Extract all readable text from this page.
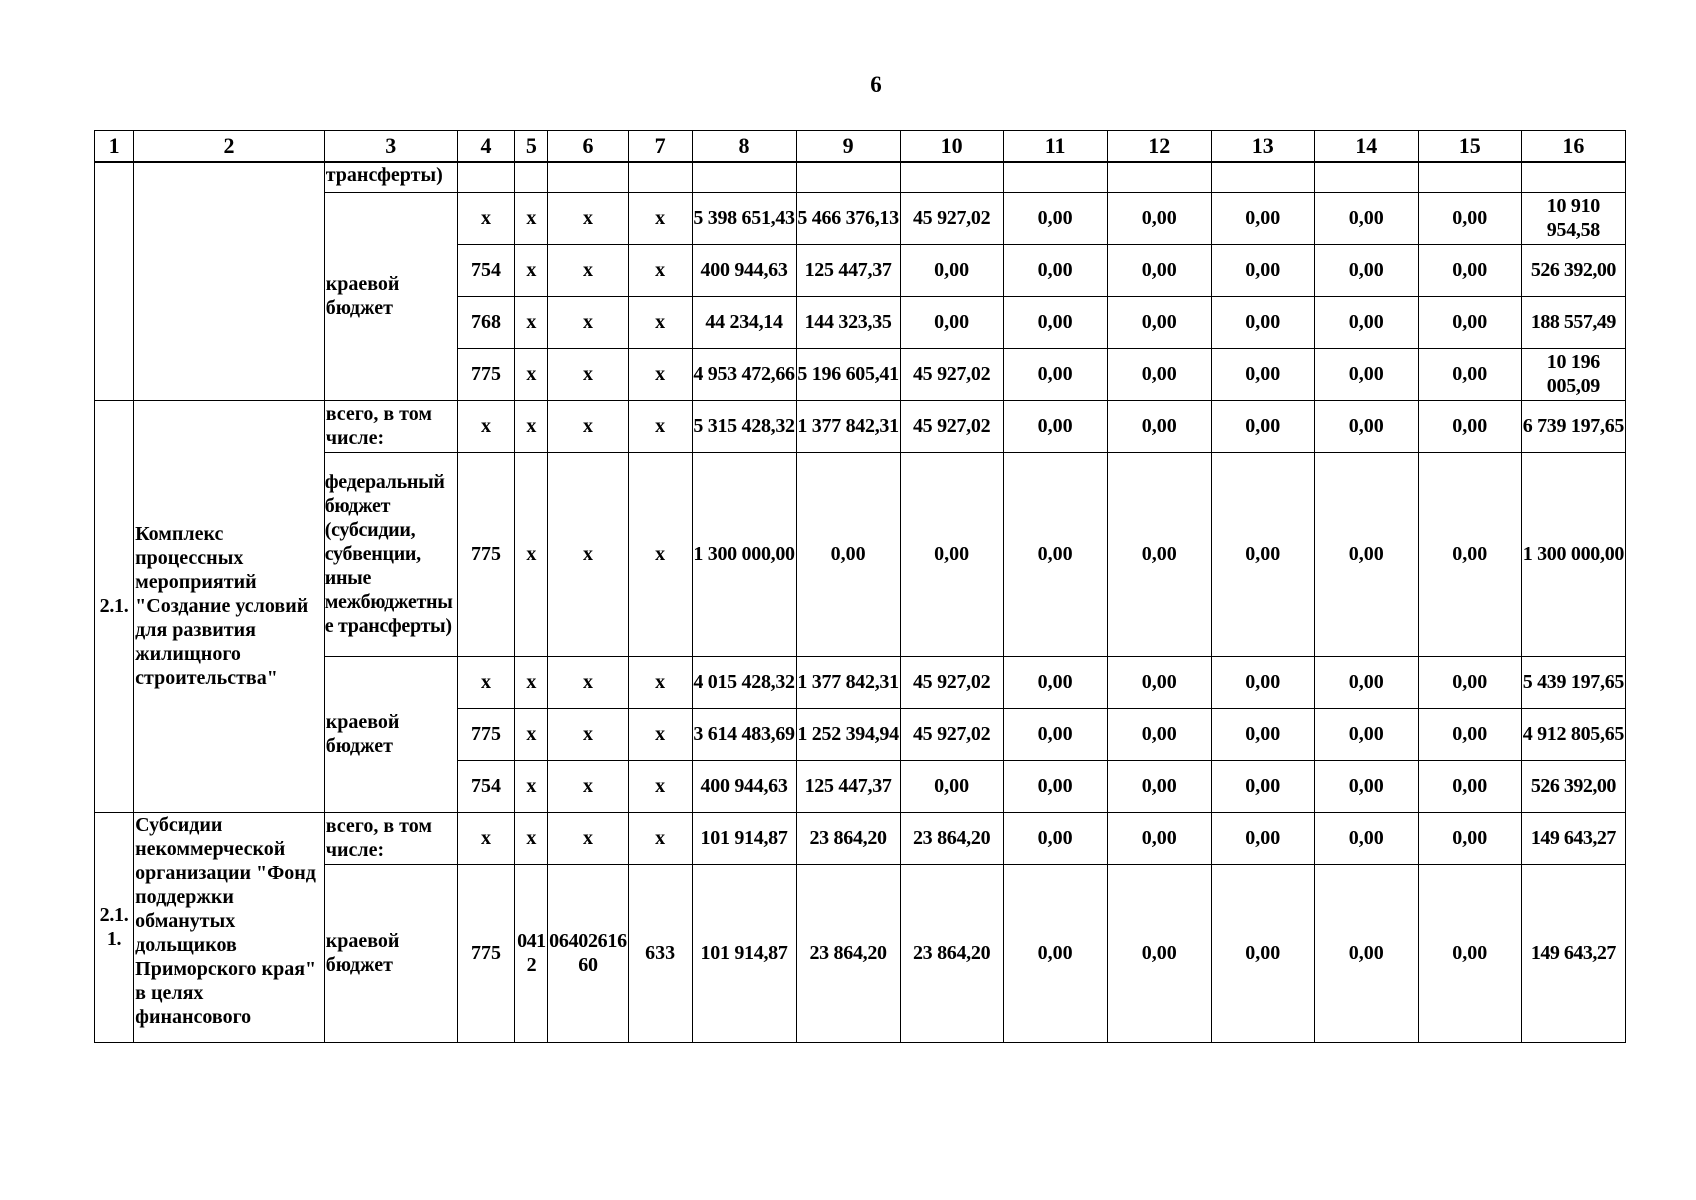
6
1	2	3	4	5	6	7	8	9	10	11	12	13	14	15	16
		трансферты)													
		краевой бюджет	x	x	x	x	5 398 651,43	5 466 376,13	45 927,02	0,00	0,00	0,00	0,00	0,00	10 910 954,58
			754	x	x	x	400 944,63	125 447,37	0,00	0,00	0,00	0,00	0,00	0,00	526 392,00
			768	x	x	x	44 234,14	144 323,35	0,00	0,00	0,00	0,00	0,00	0,00	188 557,49
			775	x	x	x	4 953 472,66	5 196 605,41	45 927,02	0,00	0,00	0,00	0,00	0,00	10 196 005,09
2.1.	Комплекс процессных мероприятий "Создание условий для развития жилищного строительства"	всего, в том числе:	x	x	x	x	5 315 428,32	1 377 842,31	45 927,02	0,00	0,00	0,00	0,00	0,00	6 739 197,65
		федеральный бюджет (субсидии, субвенции, иные межбюджетные трансферты)	775	x	x	x	1 300 000,00	0,00	0,00	0,00	0,00	0,00	0,00	0,00	1 300 000,00
		краевой бюджет	x	x	x	x	4 015 428,32	1 377 842,31	45 927,02	0,00	0,00	0,00	0,00	0,00	5 439 197,65
			775	x	x	x	3 614 483,69	1 252 394,94	45 927,02	0,00	0,00	0,00	0,00	0,00	4 912 805,65
			754	x	x	x	400 944,63	125 447,37	0,00	0,00	0,00	0,00	0,00	0,00	526 392,00
2.1.1.	Субсидии некоммерческой организации "Фонд поддержки обманутых дольщиков Приморского края" в целях финансового	всего, в том числе:	x	x	x	x	101 914,87	23 864,20	23 864,20	0,00	0,00	0,00	0,00	0,00	149 643,27
		краевой бюджет	775	0412	0640261660	633	101 914,87	23 864,20	23 864,20	0,00	0,00	0,00	0,00	0,00	149 643,27
